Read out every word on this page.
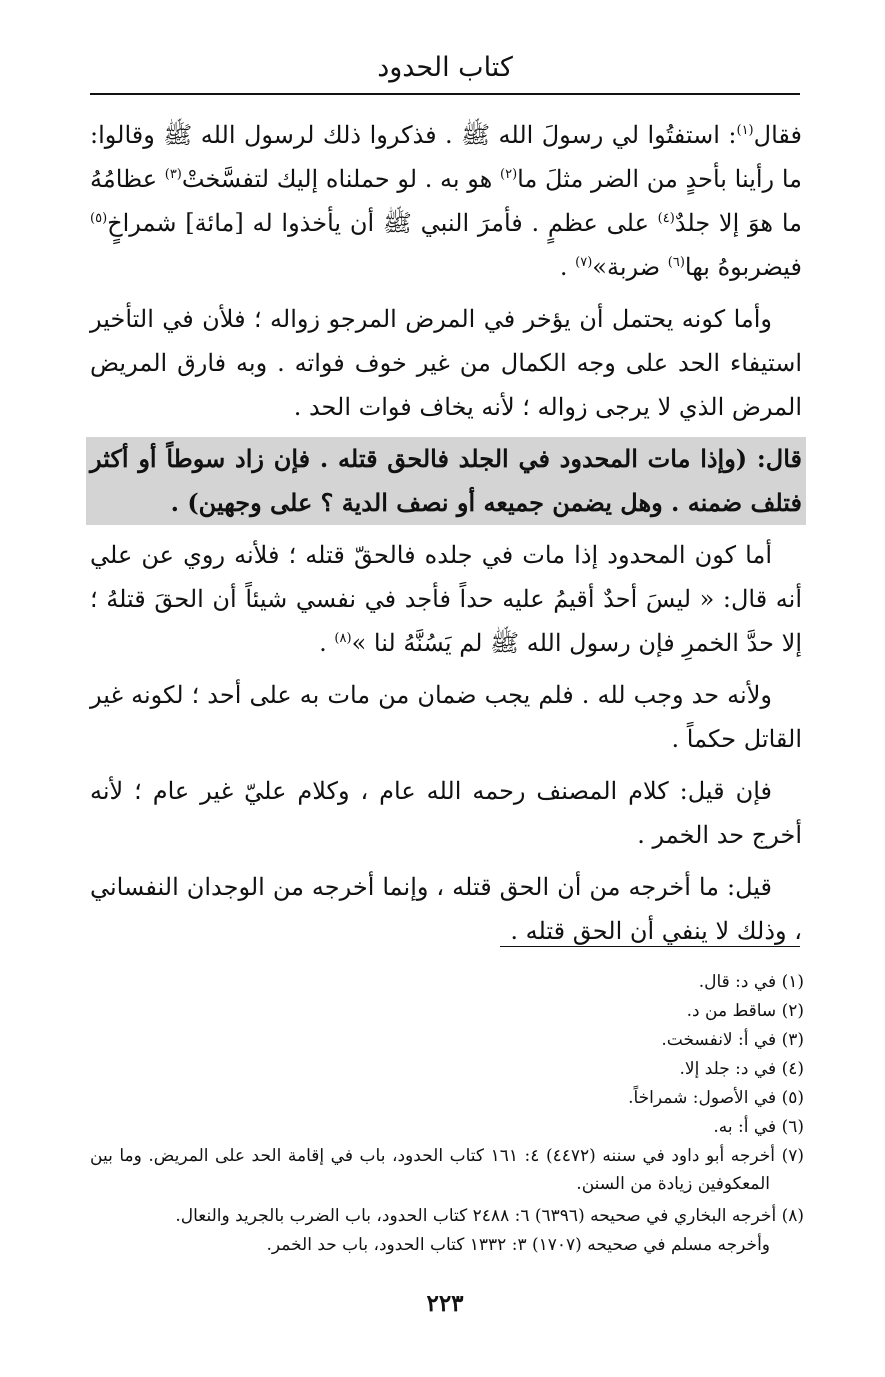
كتاب الحدود

فقال$^{(١)}$: استفتُوا لي رسولَ الله ﷺ . فذكروا ذلك لرسول الله ﷺ وقالوا: ما رأينا بأحدٍ من الضر مثلَ ما$^{(٢)}$ هو به . لو حملناه إليك لتفسَّختْ$^{(٣)}$ عظامُهُ ما هوَ إلا جلدٌ$^{(٤)}$ على عظمٍ . فأمرَ النبي ﷺ أن يأخذوا له [مائة] شمراخٍ$^{(٥)}$ فيضربوهُ بها$^{(٦)}$ ضربة»$^{(٧)}$ .

وأما كونه يحتمل أن يؤخر في المرض المرجو زواله ؛ فلأن في التأخير استيفاء الحد على وجه الكمال من غير خوف فواته . وبه فارق المريض المرض الذي لا يرجى زواله ؛ لأنه يخاف فوات الحد .

قال: (وإذا مات المحدود في الجلد فالحق قتله . فإن زاد سوطاً أو أكثر فتلف ضمنه . وهل يضمن جميعه أو نصف الدية ؟ على وجهين) .

أما كون المحدود إذا مات في جلده فالحقّ قتله ؛ فلأنه روي عن علي أنه قال: « ليسَ أحدٌ أقيمُ عليه حداً فأجد في نفسي شيئاً أن الحقَ قتلهُ ؛ إلا حدَّ الخمرِ فإن رسول الله ﷺ لم يَسُنَّهُ لنا »$^{(٨)}$ .

ولأنه حد وجب لله . فلم يجب ضمان من مات به على أحد ؛ لكونه غير القاتل حكماً .

فإن قيل: كلام المصنف رحمه الله عام ، وكلام عليّ غير عام ؛ لأنه أخرج حد الخمر .

قيل: ما أخرجه من أن الحق قتله ، وإنما أخرجه من الوجدان النفساني ، وذلك لا ينفي أن الحق قتله .

(١) في د: قال.
(٢) ساقط من د.
(٣) في أ: لانفسخت.
(٤) في د: جلد إلا.
(٥) في الأصول: شمراخاً.
(٦) في أ: به.
(٧) أخرجه أبو داود في سننه (٤٤٧٢) ٤: ١٦١ كتاب الحدود، باب في إقامة الحد على المريض. وما بين المعكوفين زيادة من السنن.
(٨) أخرجه البخاري في صحيحه (٦٣٩٦) ٦: ٢٤٨٨ كتاب الحدود، باب الضرب بالجريد والنعال.
وأخرجه مسلم في صحيحه (١٧٠٧) ٣: ١٣٣٢ كتاب الحدود، باب حد الخمر.
٢٢٣
